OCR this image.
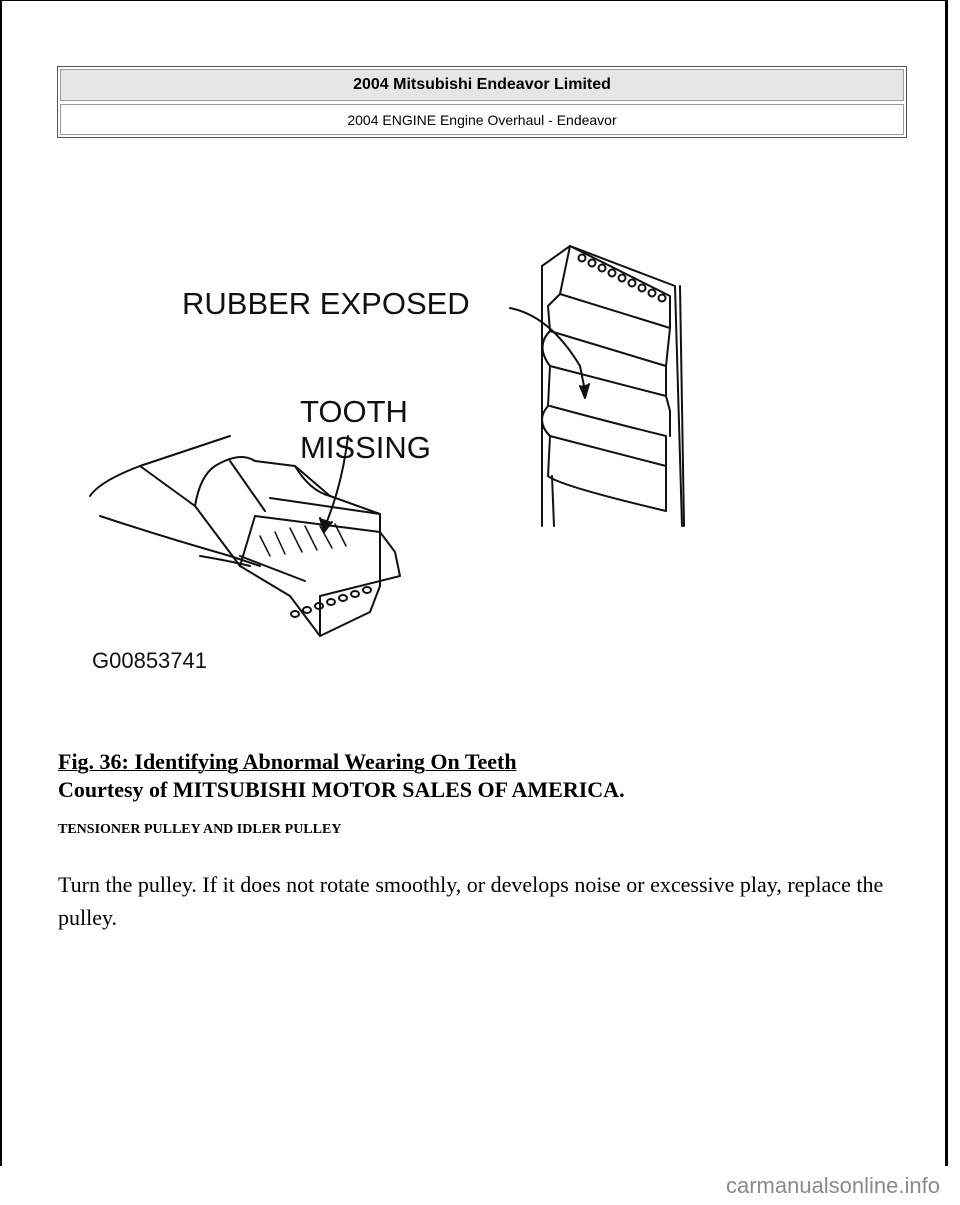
2004 Mitsubishi Endeavor Limited
2004 ENGINE Engine Overhaul - Endeavor
RUBBER EXPOSED
TOOTH
MISSING
G00853741
Fig. 36: Identifying Abnormal Wearing On Teeth
Courtesy of MITSUBISHI MOTOR SALES OF AMERICA.
TENSIONER PULLEY AND IDLER PULLEY
Turn the pulley. If it does not rotate smoothly, or develops noise or excessive play, replace the pulley.
carmanualsonline.info
